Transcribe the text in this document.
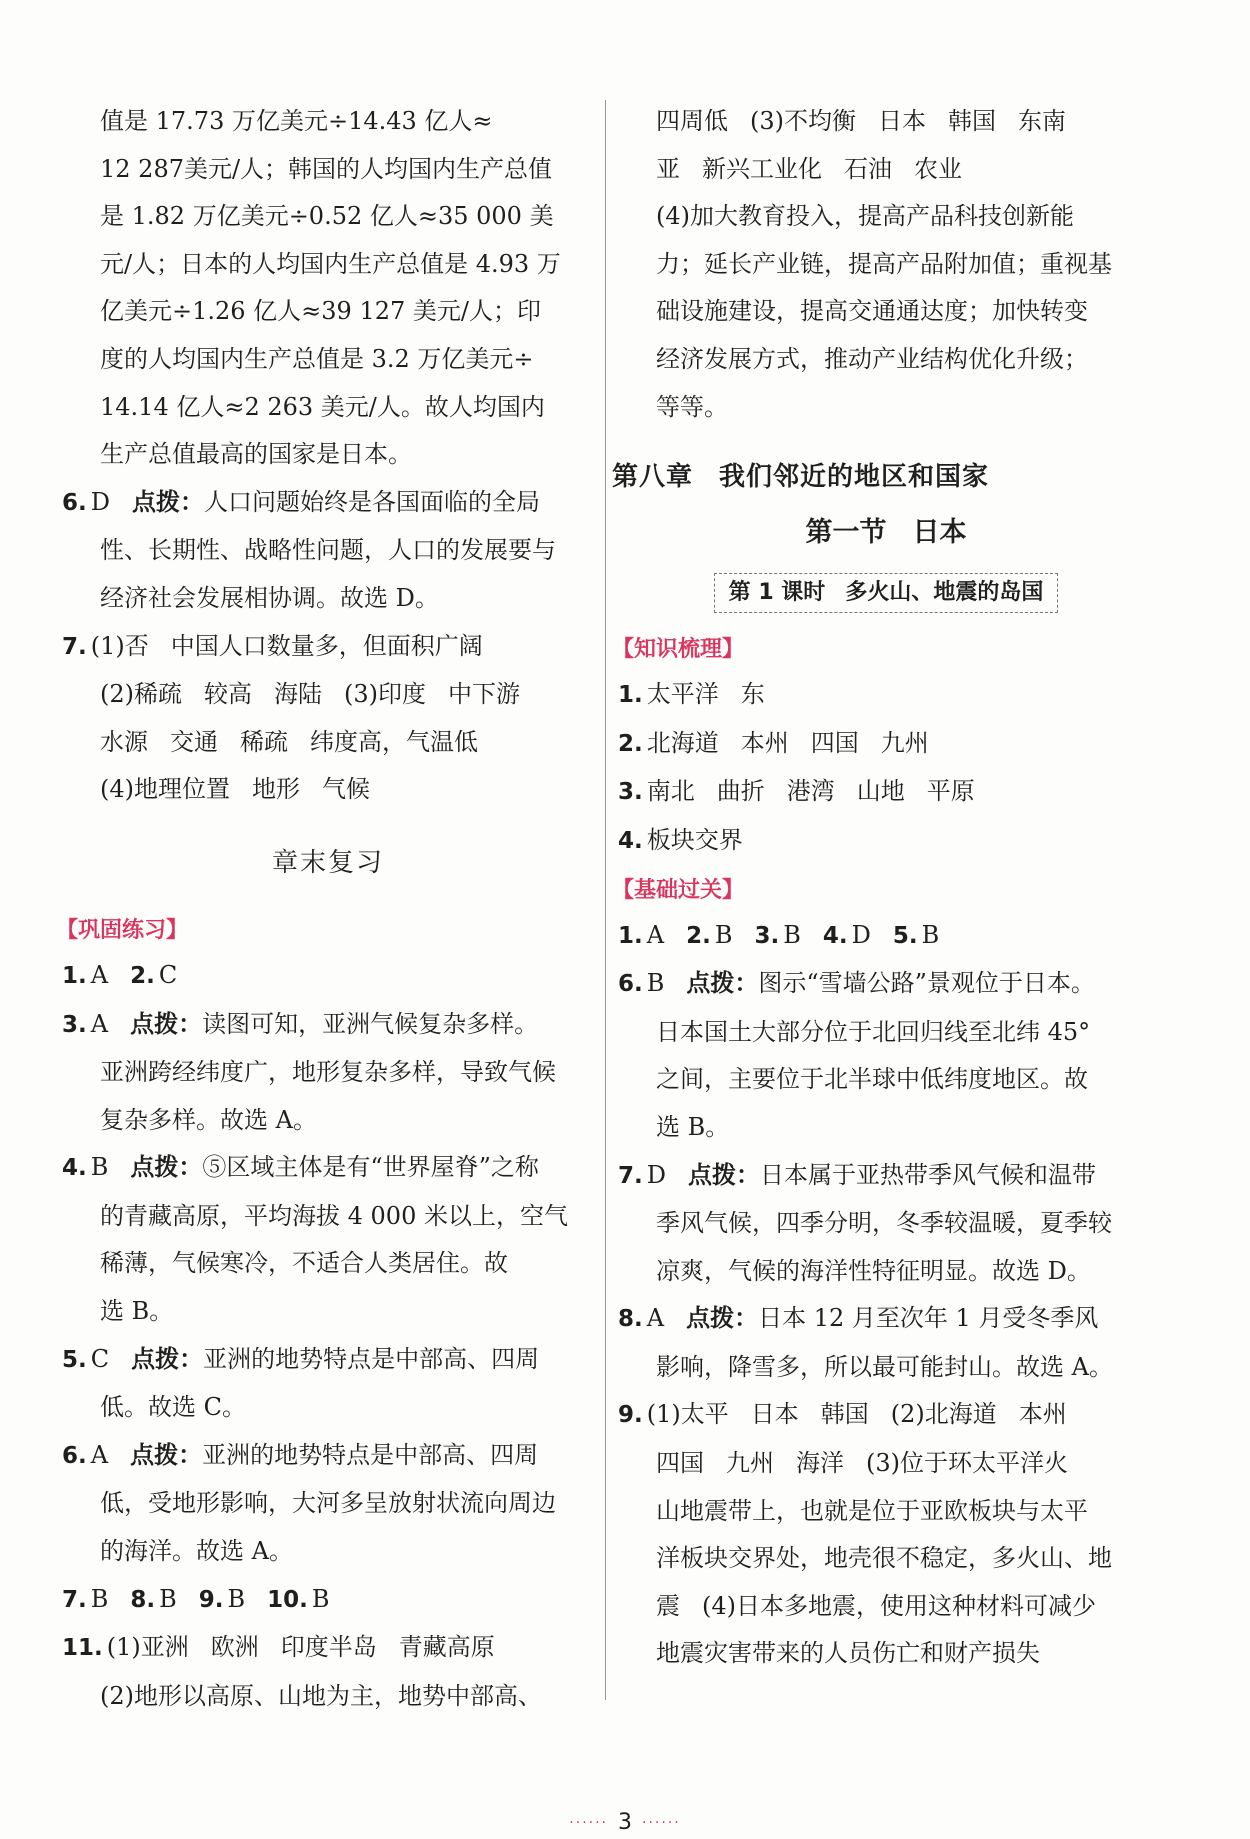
值是 17.73 万亿美元÷14.43 亿人≈
12 287美元/人；韩国的人均国内生产总值
是 1.82 万亿美元÷0.52 亿人≈35 000 美
元/人；日本的人均国内生产总值是 4.93 万
亿美元÷1.26 亿人≈39 127 美元/人；印
度的人均国内生产总值是 3.2 万亿美元÷
14.14 亿人≈2 263 美元/人。故人均国内
生产总值最高的国家是日本。
6. D 点拨：人口问题始终是各国面临的全局
性、长期性、战略性问题，人口的发展要与
经济社会发展相协调。故选 D。
7. (1)否 中国人口数量多，但面积广阔
(2)稀疏 较高 海陆 (3)印度 中下游
水源 交通 稀疏 纬度高，气温低
(4)地理位置 地形 气候
章末复习
【巩固练习】
1. A 2. C
3. A 点拨：读图可知，亚洲气候复杂多样。
亚洲跨经纬度广，地形复杂多样，导致气候
复杂多样。故选 A。
4. B 点拨：⑤区域主体是有“世界屋脊”之称
的青藏高原，平均海拔 4 000 米以上，空气
稀薄，气候寒冷，不适合人类居住。故
选 B。
5. C 点拨：亚洲的地势特点是中部高、四周
低。故选 C。
6. A 点拨：亚洲的地势特点是中部高、四周
低，受地形影响，大河多呈放射状流向周边
的海洋。故选 A。
7. B 8. B 9. B 10. B
11. (1)亚洲 欧洲 印度半岛 青藏高原
(2)地形以高原、山地为主，地势中部高、
四周低 (3)不均衡 日本 韩国 东南
亚 新兴工业化 石油 农业
(4)加大教育投入，提高产品科技创新能
力；延长产业链，提高产品附加值；重视基
础设施建设，提高交通通达度；加快转变
经济发展方式，推动产业结构优化升级；
等等。
第八章 我们邻近的地区和国家
第一节 日本
第 1 课时 多火山、地震的岛国
【知识梳理】
1. 太平洋 东
2. 北海道 本州 四国 九州
3. 南北 曲折 港湾 山地 平原
4. 板块交界
【基础过关】
1. A 2. B 3. B 4. D 5. B
6. B 点拨：图示“雪墙公路”景观位于日本。
日本国土大部分位于北回归线至北纬 45°
之间，主要位于北半球中低纬度地区。故
选 B。
7. D 点拨：日本属于亚热带季风气候和温带
季风气候，四季分明，冬季较温暖，夏季较
凉爽，气候的海洋性特征明显。故选 D。
8. A 点拨：日本 12 月至次年 1 月受冬季风
影响，降雪多，所以最可能封山。故选 A。
9. (1)太平 日本 韩国 (2)北海道 本州
四国 九州 海洋 (3)位于环太平洋火
山地震带上，也就是位于亚欧板块与太平
洋板块交界处，地壳很不稳定，多火山、地
震 (4)日本多地震，使用这种材料可减少
地震灾害带来的人员伤亡和财产损失
······ 3 ······
